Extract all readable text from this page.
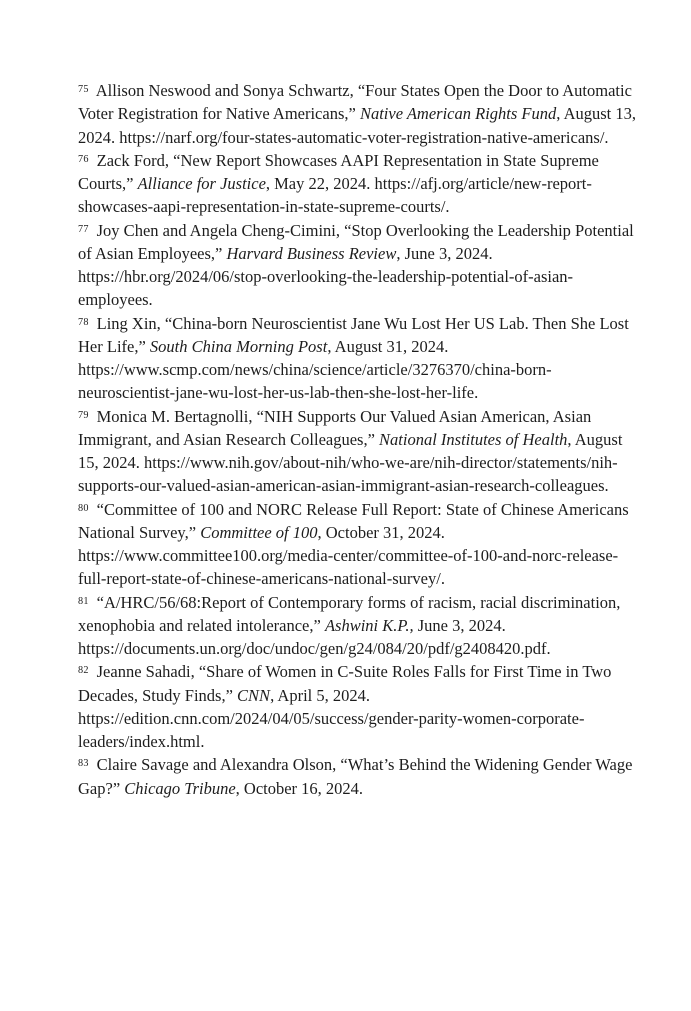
$^{75}$ Allison Neswood and Sonya Schwartz, “Four States Open the Door to Automatic Voter Registration for Native Americans,” Native American Rights Fund, August 13, 2024. https://narf.org/four-states-automatic-voter-registration-native-americans/.

$^{76}$ Zack Ford, “New Report Showcases AAPI Representation in State Supreme Courts,” Alliance for Justice, May 22, 2024. https://afj.org/article/new-report-showcases-aapi-representation-in-state-supreme-courts/.

$^{77}$ Joy Chen and Angela Cheng-Cimini, “Stop Overlooking the Leadership Potential of Asian Employees,” Harvard Business Review, June 3, 2024. https://hbr.org/2024/06/stop-overlooking-the-leadership-potential-of-asian-employees.

$^{78}$ Ling Xin, “China-born Neuroscientist Jane Wu Lost Her US Lab. Then She Lost Her Life,” South China Morning Post, August 31, 2024. https://www.scmp.com/news/china/science/article/3276370/china-born-neuroscientist-jane-wu-lost-her-us-lab-then-she-lost-her-life.

$^{79}$ Monica M. Bertagnolli, “NIH Supports Our Valued Asian American, Asian Immigrant, and Asian Research Colleagues,” National Institutes of Health, August 15, 2024. https://www.nih.gov/about-nih/who-we-are/nih-director/statements/nih-supports-our-valued-asian-american-asian-immigrant-asian-research-colleagues.

$^{80}$ “Committee of 100 and NORC Release Full Report: State of Chinese Americans National Survey,” Committee of 100, October 31, 2024. https://www.committee100.org/media-center/committee-of-100-and-norc-release-full-report-state-of-chinese-americans-national-survey/.

$^{81}$ “A/HRC/56/68:Report of Contemporary forms of racism, racial discrimination, xenophobia and related intolerance,” Ashwini K.P., June 3, 2024. https://documents.un.org/doc/undoc/gen/g24/084/20/pdf/g2408420.pdf.

$^{82}$ Jeanne Sahadi, “Share of Women in C-Suite Roles Falls for First Time in Two Decades, Study Finds,” CNN, April 5, 2024. https://edition.cnn.com/2024/04/05/success/gender-parity-women-corporate-leaders/index.html.

$^{83}$ Claire Savage and Alexandra Olson, “What’s Behind the Widening Gender Wage Gap?” Chicago Tribune, October 16, 2024.
